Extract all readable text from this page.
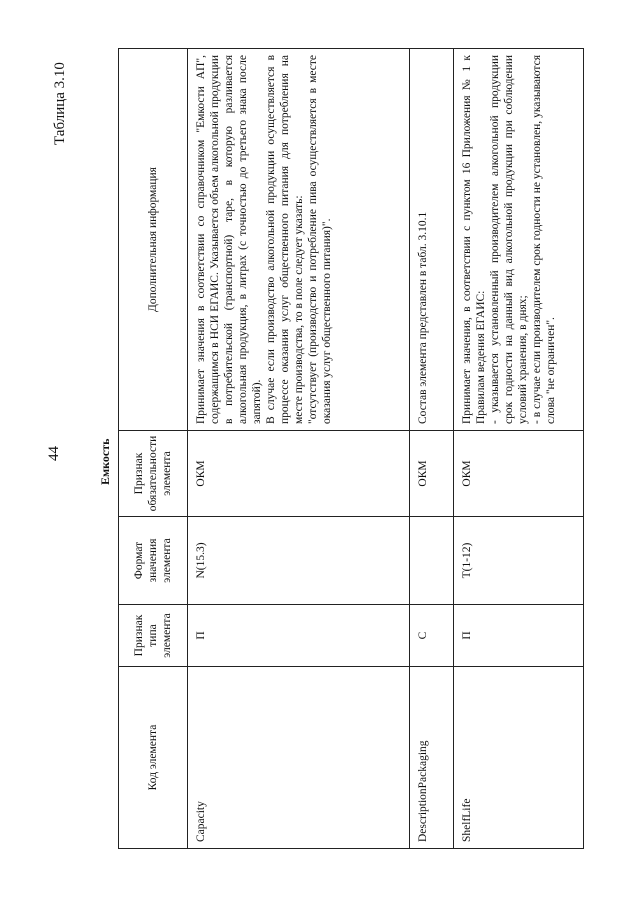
44
Таблица 3.10
Емкость
Код элемента	Признак типа элемента	Формат значения элемента	Признак обязательности элемента	Дополнительная информация
Capacity	П	N(15.3)	ОКМ	Принимает значения в соответствии со справочником "Емкости АП", содержащимся в НСИ ЕГАИС. Указывается объем алкогольной продукции в потребительской (транспортной) таре, в которую разливается алкогольная продукция, в литрах (с точностью до третьего знака после запятой). В случае если производство алкогольной продукции осуществляется в процессе оказания услуг общественного питания для потребления на месте производства, то в поле следует указать: "отсутствует (производство и потребление пива осуществляется в месте оказания услуг общественного питания)".

DescriptionPackaging	С		ОКМ	Состав элемента представлен в табл. 3.10.1

ShelfLife	П	Т(1-12)	ОКМ	Принимает значения, в соответствии с пунктом 16 Приложения № 1 к Правилам ведения ЕГАИС: - указывается установленный производителем алкогольной продукции срок годности на данный вид алкогольной продукции при соблюдении условий хранения, в днях; - в случае если производителем срок годности не установлен, указываются слова "не ограничен".
